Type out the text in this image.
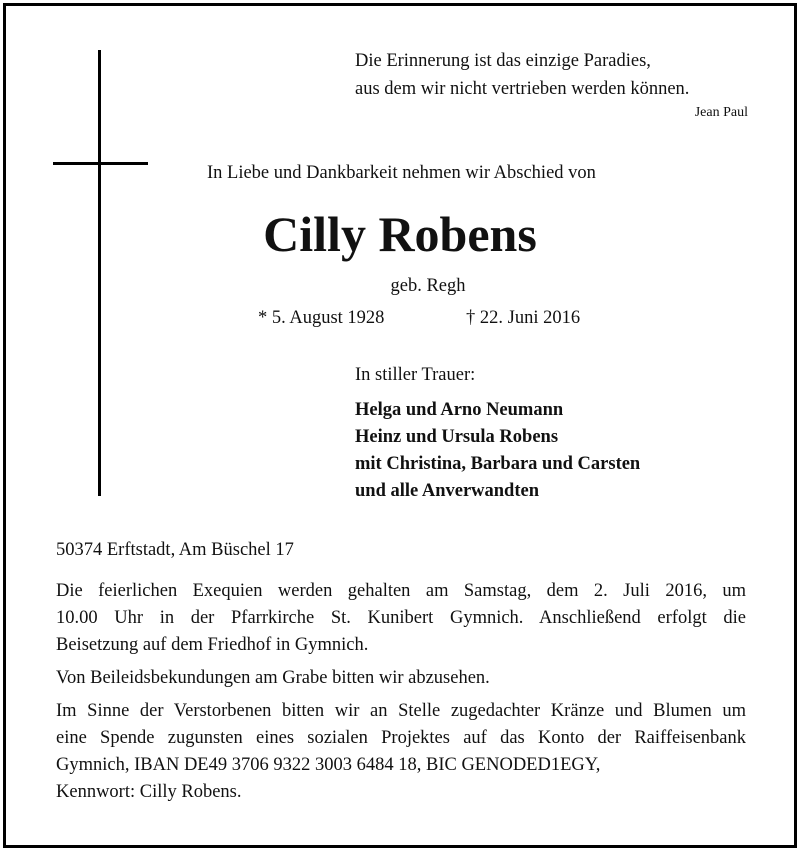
Die Erinnerung ist das einzige Paradies,
aus dem wir nicht vertrieben werden können.
Jean Paul
In Liebe und Dankbarkeit nehmen wir Abschied von
Cilly Robens
geb. Regh
* 5. August 1928	† 22. Juni 2016
In stiller Trauer:
Helga und Arno Neumann
Heinz und Ursula Robens
mit Christina, Barbara und Carsten
und alle Anverwandten
50374 Erftstadt, Am Büschel 17

Die feierlichen Exequien werden gehalten am Samstag, dem 2. Juli 2016, um
10.00 Uhr in der Pfarrkirche St. Kunibert Gymnich. Anschließend erfolgt die
Beisetzung auf dem Friedhof in Gymnich.

Von Beileidsbekundungen am Grabe bitten wir abzusehen.

Im Sinne der Verstorbenen bitten wir an Stelle zugedachter Kränze und Blumen um
eine Spende zugunsten eines sozialen Projektes auf das Konto der Raiffeisenbank
Gymnich, IBAN DE49 3706 9322 3003 6484 18, BIC GENODED1EGY,
Kennwort: Cilly Robens.
